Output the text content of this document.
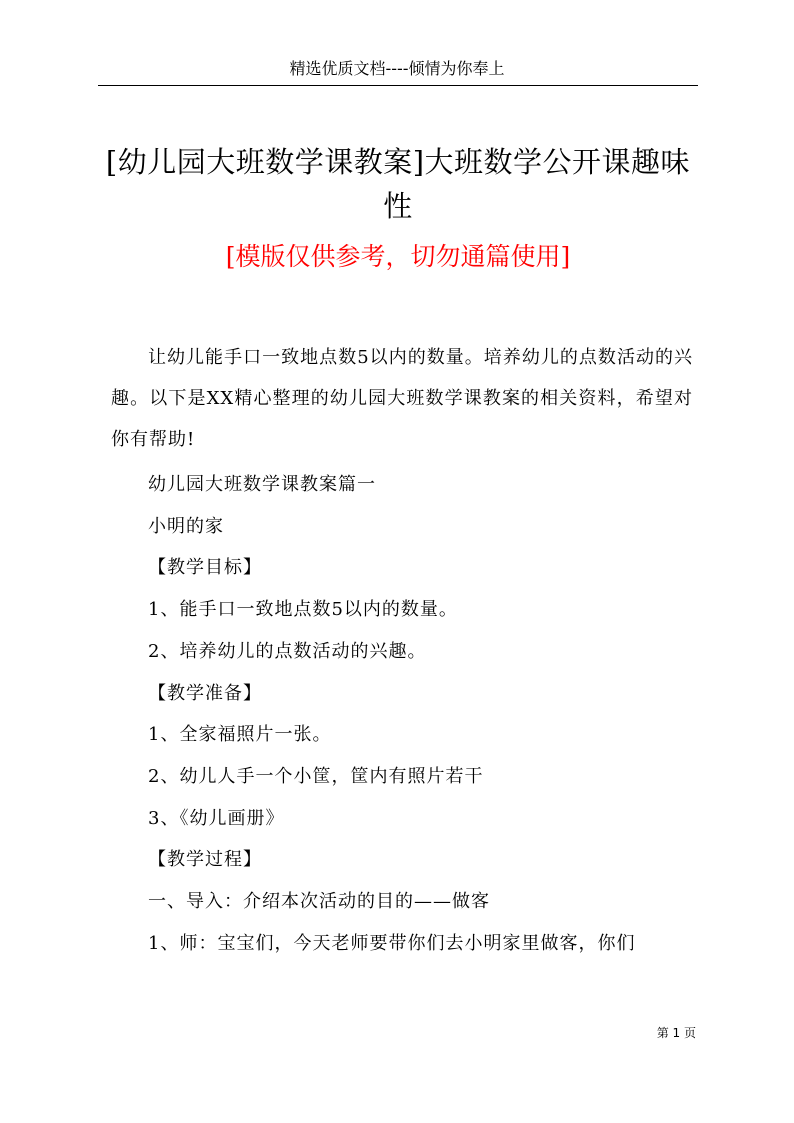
精选优质文档----倾情为你奉上
[幼儿园大班数学课教案]大班数学公开课趣味性
[模版仅供参考，切勿通篇使用]

让幼儿能手口一致地点数5以内的数量。培养幼儿的点数活动的兴趣。以下是XX精心整理的幼儿园大班数学课教案的相关资料，希望对你有帮助!

幼儿园大班数学课教案篇一

小明的家

【教学目标】

1、能手口一致地点数5以内的数量。

2、培养幼儿的点数活动的兴趣。

【教学准备】

1、全家福照片一张。

2、幼儿人手一个小筐，筐内有照片若干

3、《幼儿画册》

【教学过程】

一、导入：介绍本次活动的目的——做客

1、师：宝宝们，今天老师要带你们去小明家里做客，你们

第 1 页
